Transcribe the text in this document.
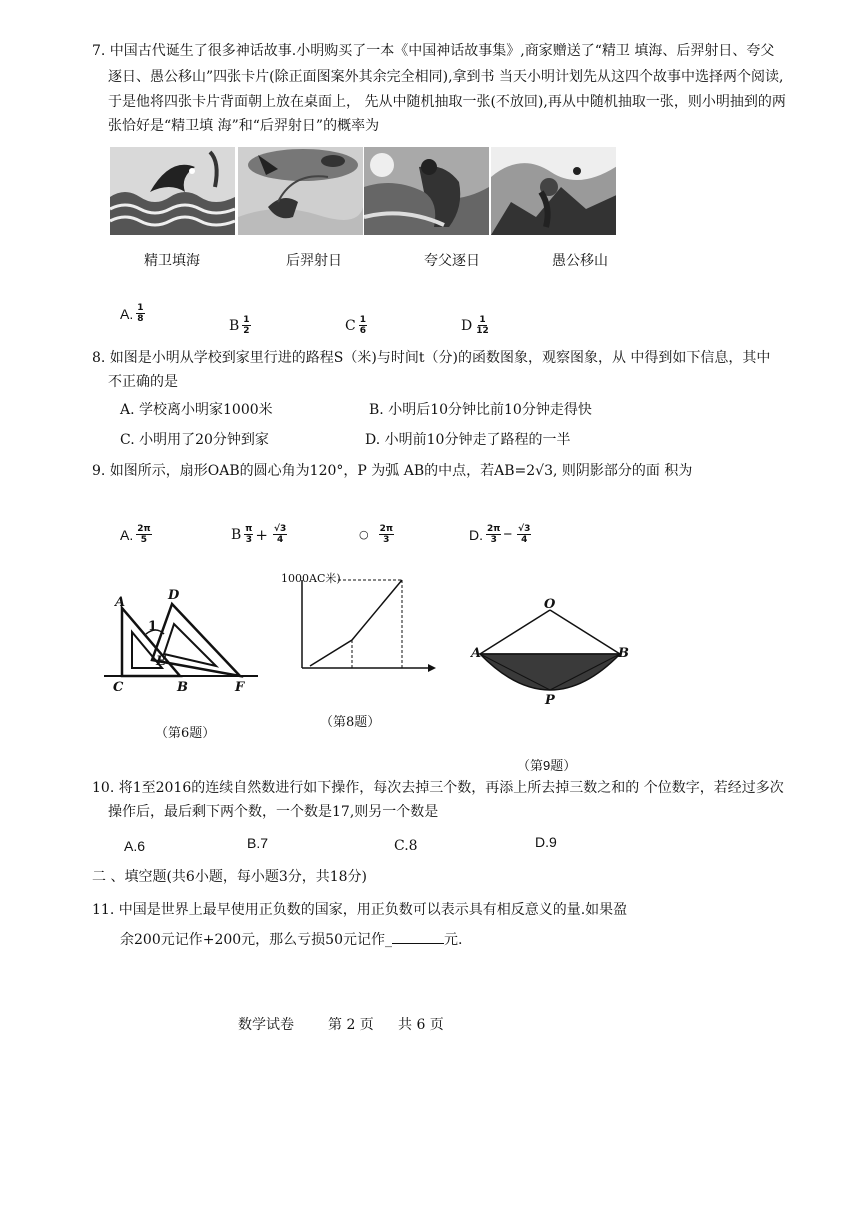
7. 中国古代诞生了很多神话故事.小明购买了一本《中国神话故事集》,商家赠送了“精卫 填海、后羿射日、夸父
逐日、愚公移山”四张卡片(除正面图案外其余完全相同),拿到书 当天小明计划先从这四个故事中选择两个阅读,
于是他将四张卡片背面朝上放在桌面上， 先从中随机抽取一张(不放回),再从中随机抽取一张，则小明抽到的两
张恰好是“精卫填 海”和“后羿射日”的概率为
精卫填海	后羿射日	夸父逐日	愚公移山
A. $\frac{1}{8}$
B $\frac{1}{2}$	C $\frac{1}{6}$	D $\frac{1}{12}$
8. 如图是小明从学校到家里行进的路程S（米)与时间t（分)的函数图象，观察图象，从 中得到如下信息，其中
不正确的是
A. 学校离小明家1000米	B. 小明后10分钟比前10分钟走得快
C. 小明用了20分钟到家	D. 小明前10分钟走了路程的一半
9. 如图所示，扇形OAB的圆心角为120°，P 为弧 AB的中点，若AB=2√3, 则阴影部分的面 积为
A. $\frac{2\pi}{5}$	B $\frac{\pi}{3} + \frac{√3}{4}$	○ $\frac{2\pi}{3}$	D. $\frac{2\pi}{3} - \frac{√3}{4}$
A	D
1
E
C	B	F
（第6题）
1000AC米)
（第8题）
O
A	B
P
（第9题）
10. 将1至2016的连续自然数进行如下操作，每次去掉三个数，再添上所去掉三数之和的 个位数字，若经过多次
操作后，最后剩下两个数，一个数是17,则另一个数是
A.6	B.7	C.8	D.9
二 、填空题(共6小题，每小题3分，共18分)
11. 中国是世界上最早使用正负数的国家，用正负数可以表示具有相反意义的量.如果盈
余200元记作+200元，那么亏损50元记作_	元.
数学试卷 第 2 页 共 6 页
